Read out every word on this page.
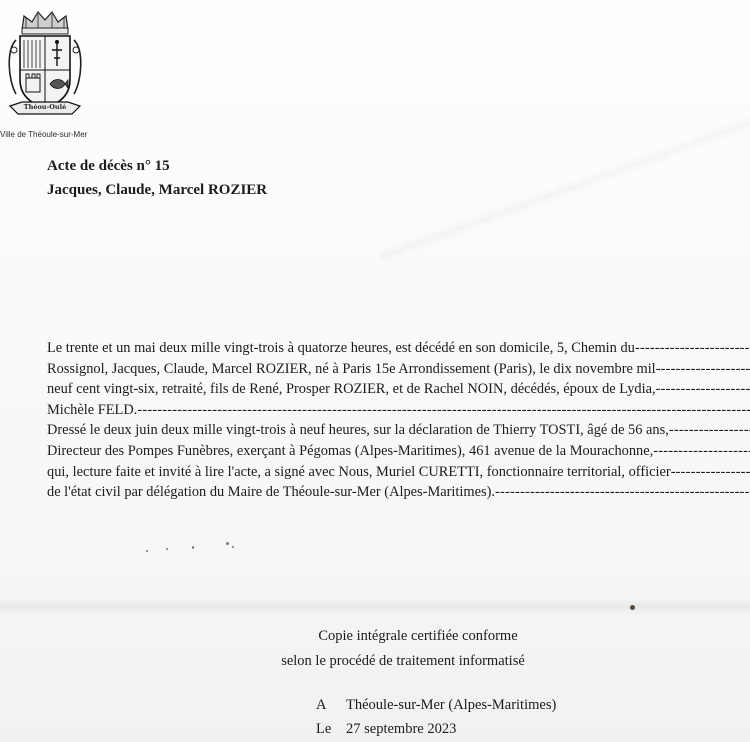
Théou-Oulé
Ville de Théoule-sur-Mer
Acte de décès n° 15
Jacques, Claude, Marcel ROZIER
Le trente et un mai deux mille vingt-trois à quatorze heures, est décédé en son domicile, 5, Chemin du
-----
Rossignol, Jacques, Claude, Marcel ROZIER, né à Paris 15e Arrondissement (Paris), le dix novembre mil
-----
neuf cent vingt-six, retraité, fils de René, Prosper ROZIER, et de Rachel NOIN, décédés, époux de Lydia,
-----
Michèle FELD.
-----
Dressé le deux juin deux mille vingt-trois à neuf heures, sur la déclaration de Thierry TOSTI, âgé de 56 ans,
-----
Directeur des Pompes Funèbres, exerçant à Pégomas (Alpes-Maritimes), 461 avenue de la Mourachonne,
-----
qui, lecture faite et invité à lire l'acte, a signé avec Nous, Muriel CURETTI, fonctionnaire territorial, officier
-----
de l'état civil par délégation du Maire de Théoule-sur-Mer (Alpes-Maritimes).
-----
Copie intégrale certifiée conforme
selon le procédé de traitement informatisé
A Théoule-sur-Mer (Alpes-Maritimes)
Le 27 septembre 2023
